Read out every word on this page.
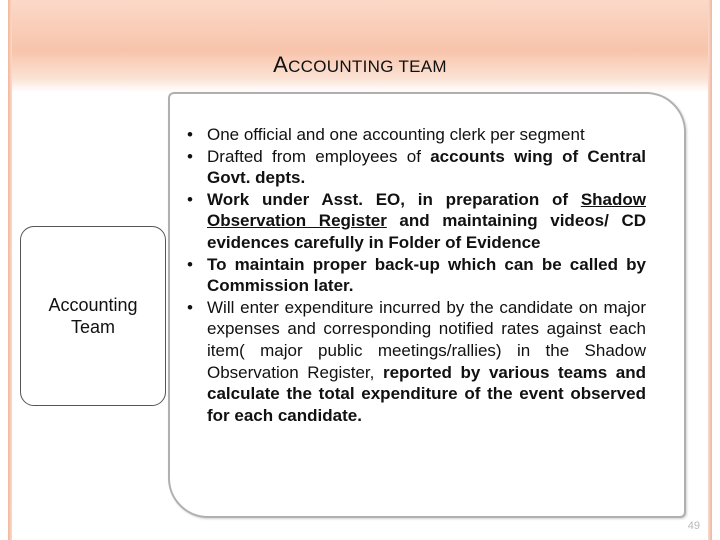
ACCOUNTING TEAM
Accounting
Team
• One official and one accounting clerk per segment
• Drafted from employees of accounts wing of Central Govt. depts.
• Work under Asst. EO, in preparation of Shadow Observation Register and maintaining videos/ CD evidences carefully in Folder of Evidence
• To maintain proper back-up which can be called by Commission later.
• Will enter expenditure incurred by the candidate on major expenses and corresponding notified rates against each item( major public meetings/rallies) in the Shadow Observation Register, reported by various teams and calculate the total expenditure of the event observed for each candidate.
49
